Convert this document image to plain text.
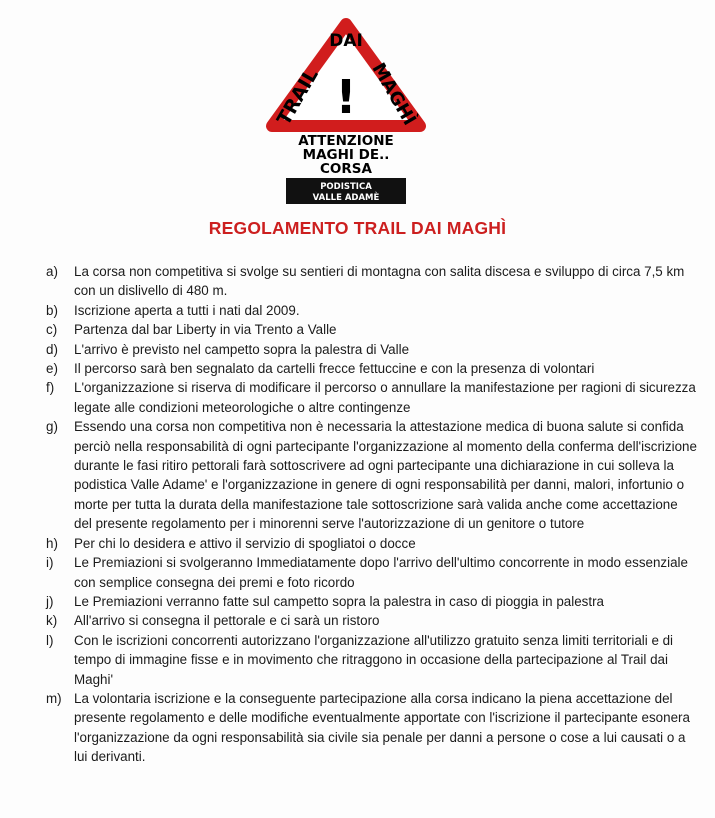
TRAIL
DAI
MAGHÌ
!
ATTENZIONE
MAGHI DE..
CORSA
PODISTICA
VALLE ADAMÈ
REGOLAMENTO TRAIL DAI MAGHÌ
a)	La corsa non competitiva si svolge su sentieri di montagna con salita discesa e sviluppo di circa 7,5 km con un dislivello di 480 m.
b)	Iscrizione aperta a tutti i nati dal 2009.
c)	Partenza dal bar Liberty in via Trento a Valle
d)	L'arrivo è previsto nel campetto sopra la palestra di Valle
e)	Il percorso sarà ben segnalato da cartelli frecce fettuccine e con la presenza di volontari
f)	L'organizzazione si riserva di modificare il percorso o annullare la manifestazione per ragioni di sicurezza legate alle condizioni meteorologiche o altre contingenze
g)	Essendo una corsa non competitiva non è necessaria la attestazione medica di buona salute si confida perciò nella responsabilità di ogni partecipante l'organizzazione al momento della conferma dell'iscrizione durante le fasi ritiro pettorali farà sottoscrivere ad ogni partecipante una dichiarazione in cui solleva la podistica Valle Adame' e l'organizzazione in genere di ogni responsabilità per danni, malori, infortunio o morte per tutta la durata della manifestazione tale sottoscrizione sarà valida anche come accettazione del presente regolamento per i minorenni serve l'autorizzazione di un genitore o tutore
h)	Per chi lo desidera e attivo il servizio di spogliatoi o docce
i)	Le Premiazioni si svolgeranno Immediatamente dopo l'arrivo dell'ultimo concorrente in modo essenziale con semplice consegna dei premi e foto ricordo
j)	Le Premiazioni verranno fatte sul campetto sopra la palestra in caso di pioggia in palestra
k)	All'arrivo si consegna il pettorale e ci sarà un ristoro
l)	Con le iscrizioni concorrenti autorizzano l'organizzazione all'utilizzo gratuito senza limiti territoriali e di tempo di immagine fisse e in movimento che ritraggono in occasione della partecipazione al Trail dai Maghi'
m) La volontaria iscrizione e la conseguente partecipazione alla corsa indicano la piena accettazione del presente regolamento e delle modifiche eventualmente apportate con l'iscrizione il partecipante esonera l'organizzazione da ogni responsabilità sia civile sia penale per danni a persone o cose a lui causati o a lui derivanti.
